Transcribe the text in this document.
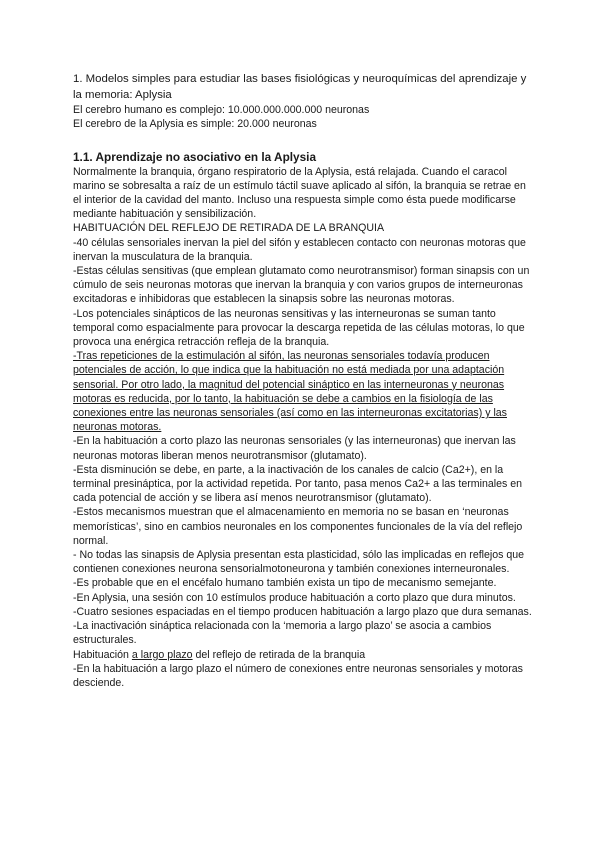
1. Modelos simples para estudiar las bases fisiológicas y neuroquímicas del aprendizaje y la memoria: Aplysia

El cerebro humano es complejo: 10.000.000.000.000 neuronas

El cerebro de la Aplysia es simple: 20.000 neuronas

1.1. Aprendizaje no asociativo en la Aplysia

Normalmente la branquia, órgano respiratorio de la Aplysia, está relajada. Cuando el caracol marino se sobresalta a raíz de un estímulo táctil suave aplicado al sifón, la branquia se retrae en el interior de la cavidad del manto. Incluso una respuesta simple como ésta puede modificarse mediante habituación y sensibilización.

HABITUACIÓN DEL REFLEJO DE RETIRADA DE LA BRANQUIA

-40 células sensoriales inervan la piel del sifón y establecen contacto con neuronas motoras que inervan la musculatura de la branquia.

-Estas células sensitivas (que emplean glutamato como neurotransmisor) forman sinapsis con un cúmulo de seis neuronas motoras que inervan la branquia y con varios grupos de interneuronas excitadoras e inhibidoras que establecen la sinapsis sobre las neuronas motoras.

-Los potenciales sinápticos de las neuronas sensitivas y las interneuronas se suman tanto temporal como espacialmente para provocar la descarga repetida de las células motoras, lo que provoca una enérgica retracción refleja de la branquia.

-Tras repeticiones de la estimulación al sifón, las neuronas sensoriales todavía producen potenciales de acción, lo que indica que la habituación no está mediada por una adaptación sensorial. Por otro lado, la magnitud del potencial sináptico en las interneuronas y neuronas motoras es reducida, por lo tanto, la habituación se debe a cambios en la fisiología de las conexiones entre las neuronas sensoriales (así como en las interneuronas excitatorias) y las neuronas motoras.

-En la habituación a corto plazo las neuronas sensoriales (y las interneuronas) que inervan las neuronas motoras liberan menos neurotransmisor (glutamato).

-Esta disminución se debe, en parte, a la inactivación de los canales de calcio (Ca2+), en la terminal presináptica, por la actividad repetida. Por tanto, pasa menos Ca2+ a las terminales en cada potencial de acción y se libera así menos neurotransmisor (glutamato).

-Estos mecanismos muestran que el almacenamiento en memoria no se basan en ‘neuronas memorísticas’, sino en cambios neuronales en los componentes funcionales de la vía del reflejo normal.

- No todas las sinapsis de Aplysia presentan esta plasticidad, sólo las implicadas en reflejos que contienen conexiones neurona sensorialmotoneurona y también conexiones interneuronales.

-Es probable que en el encéfalo humano también exista un tipo de mecanismo semejante.

-En Aplysia, una sesión con 10 estímulos produce habituación a corto plazo que dura minutos.

-Cuatro sesiones espaciadas en el tiempo producen habituación a largo plazo que dura semanas.

-La inactivación sináptica relacionada con la ‘memoria a largo plazo’ se asocia a cambios estructurales.

Habituación a largo plazo del reflejo de retirada de la branquia

-En la habituación a largo plazo el número de conexiones entre neuronas sensoriales y motoras desciende.
